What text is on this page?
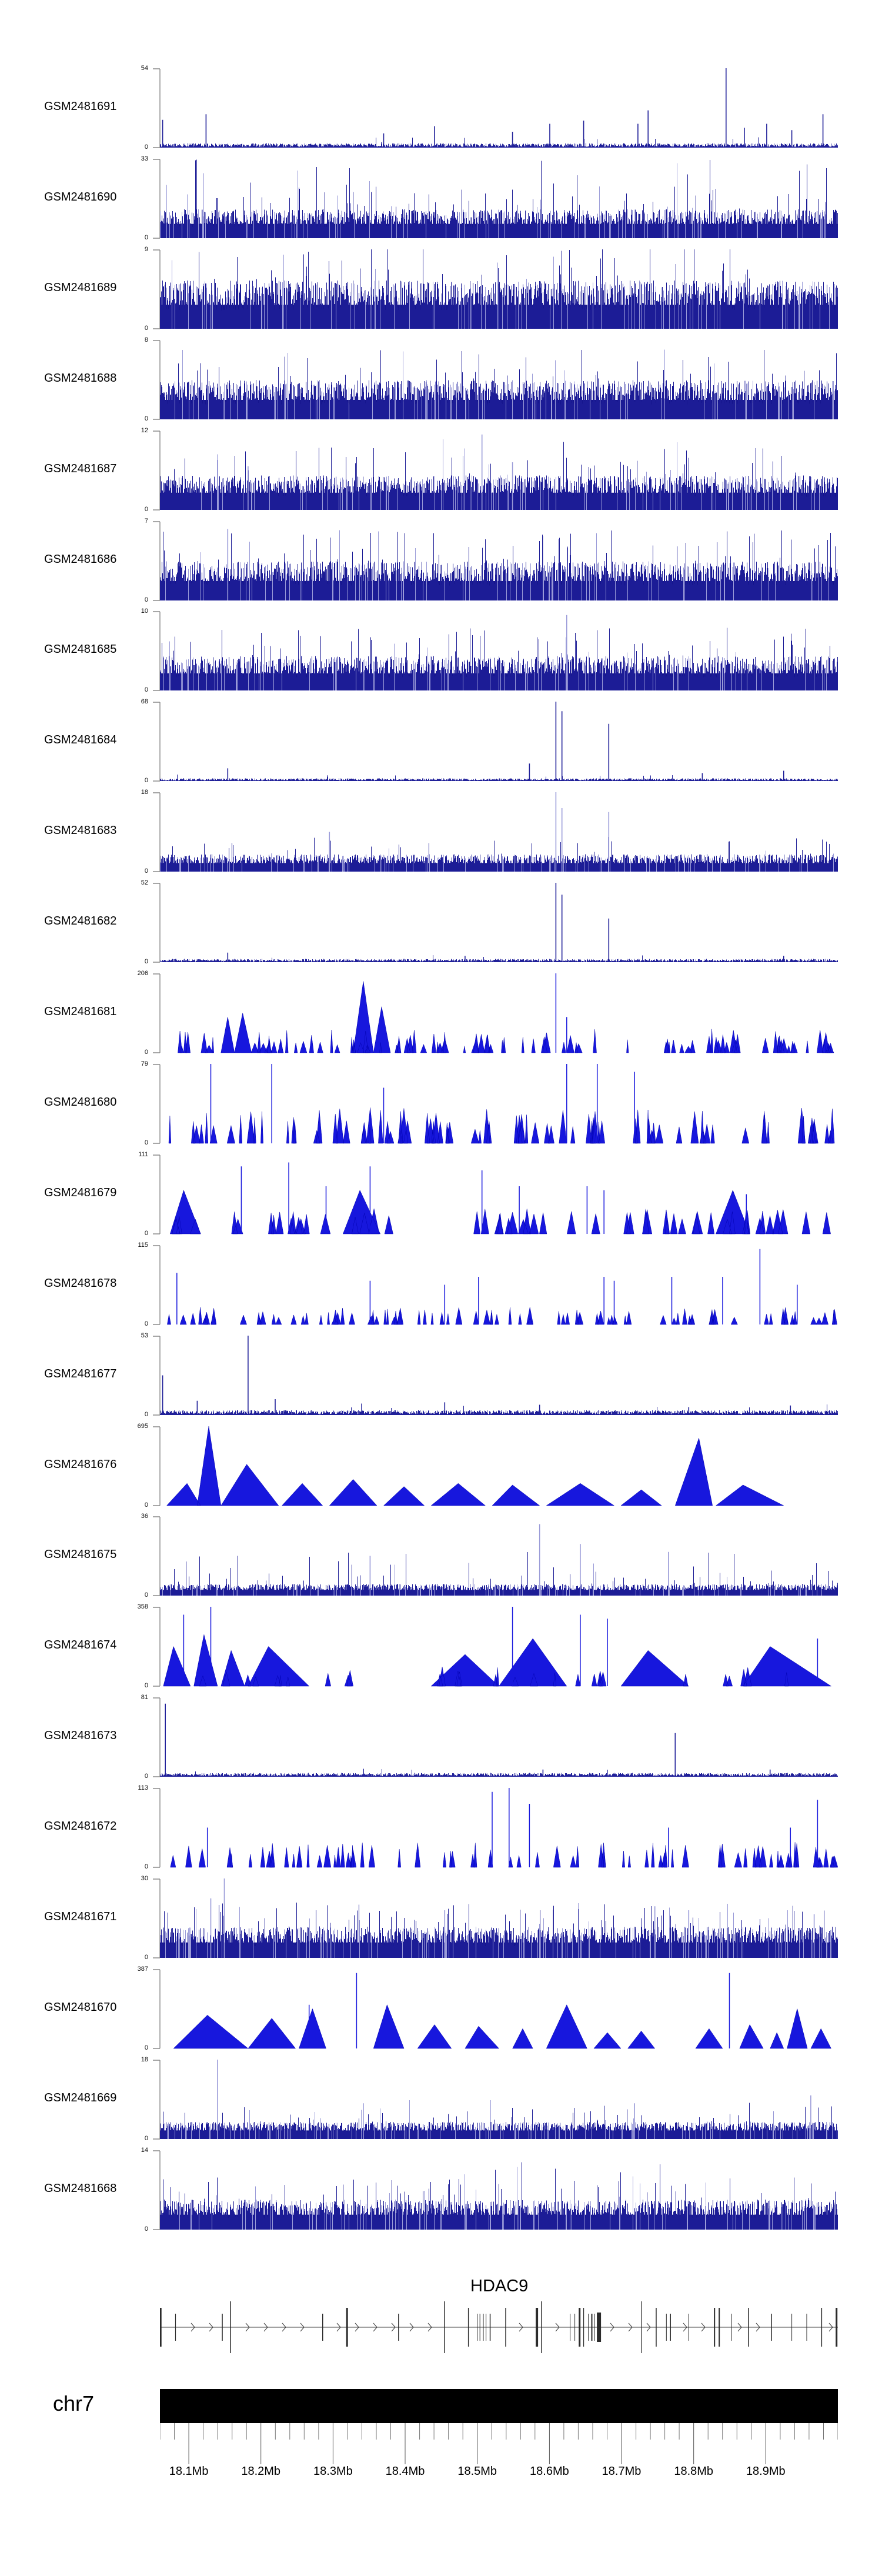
GSM2481691
54
0
GSM2481690
33
0
GSM2481689
9
0
GSM2481688
8
0
GSM2481687
12
0
GSM2481686
7
0
GSM2481685
10
0
GSM2481684
68
0
GSM2481683
18
0
GSM2481682
52
0
GSM2481681
206
0
GSM2481680
79
0
GSM2481679
111
0
GSM2481678
115
0
GSM2481677
53
0
GSM2481676
695
0
GSM2481675
36
0
GSM2481674
358
0
GSM2481673
81
0
GSM2481672
113
0
GSM2481671
30
0
GSM2481670
387
0
GSM2481669
18
0
GSM2481668
14
0
HDAC9
chr7
18.1Mb	18.2Mb	18.3Mb	18.4Mb	18.5Mb	18.6Mb	18.7Mb	18.8Mb	18.9Mb
